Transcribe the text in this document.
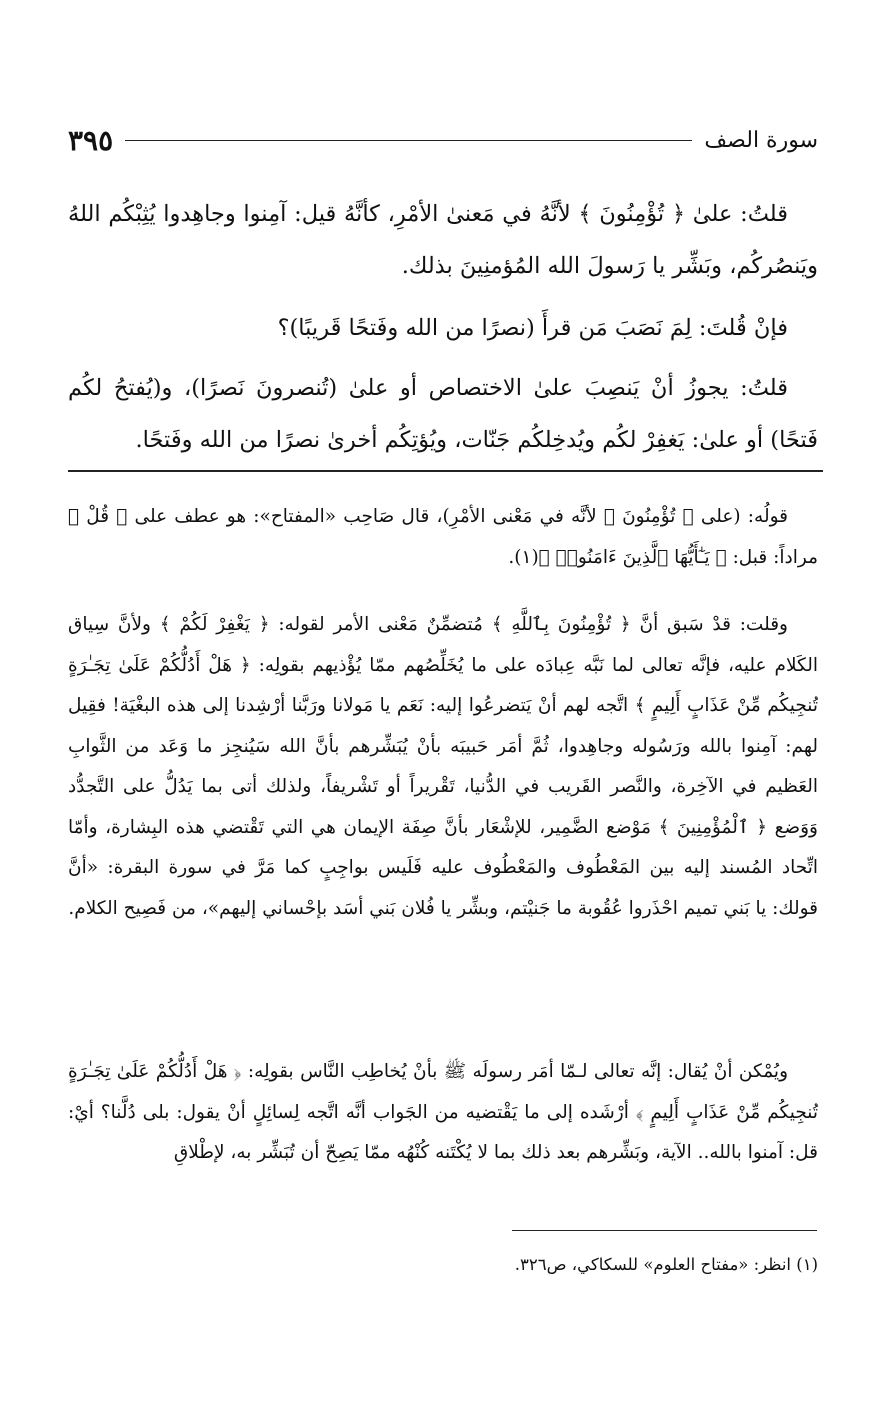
سورة الصف
٣٩٥

قلتُ: علىٰ ﴿ تُؤْمِنُونَ ﴾ لأنَّهُ في مَعنىٰ الأمْرِ، كأنَّهُ قيل: آمِنوا وجاهِدوا يُثِبْكُم اللهُ ويَنصُركُم، وبَشِّر يا رَسولَ الله المُؤمنِينَ بذلك.

فإنْ قُلتَ: لِمَ نَصَبَ مَن قرأَ (نصرًا من الله وفَتحًا قَريبًا)؟

قلتُ: يجوزُ أنْ يَنصِبَ علىٰ الاختصاص أو علىٰ (تُنصرونَ نَصرًا)، و(يُفتحُ لكُم فَتحًا) أو علىٰ: يَغفِرْ لكُم ويُدخِلكُم جَنّات، ويُؤتِكُم أخرىٰ نصرًا من الله وفَتحًا.

قولُه: (على ﴿ تُؤْمِنُونَ ﴾ لأنَّه في مَعْنى الأمْرِ)، قال صَاحِب «المفتاح»: هو عطف على ﴿ قُلْ ﴾ مراداً: قبل: ﴿ يَـٰٓأَيُّهَا ٱلَّذِينَ ءَامَنُوا۟ ﴾(١).

وقلت: قدْ سَبق أنَّ ﴿ تُؤْمِنُونَ بِٱللَّهِ ﴾ مُتضمِّنٌ مَعْنى الأمر لقوله: ﴿ يَغْفِرْ لَكُمْ ﴾ ولأنَّ سِياق الكَلام عليه، فإنَّه تعالى لما نَبَّه عِبادَه على ما يُخَلِّصُهم ممّا يُؤْذيهم بقولِه: ﴿ هَلْ أَدُلُّكُمْ عَلَىٰ تِجَـٰرَةٍ تُنجِيكُم مِّنْ عَذَابٍ أَلِيمٍ ﴾ اتَّجه لهم أنْ يَتضرعُوا إليه: نَعَم يا مَولانا ورَبَّنا أرْشِدنا إلى هذه البغْيَة! فقِيل لهم: آمِنوا بالله ورَسُوله وجاهِدوا، ثُمَّ أمَر حَبيبَه بأنْ يُبَشِّرهم بأنَّ الله سَيُنجِز ما وَعَد من الثَّوابِ العَظيم في الآخِرة، والنَّصر القَريب في الدُّنيا، تَقْريراً أو تَشْريفاً، ولذلك أتى بما يَدُلُّ على التَّجدُّد وَوَضع ﴿ ٱلْمُؤْمِنِينَ ﴾ مَوْضع الضَّمِير، للإشْعَار بأنَّ صِفَة الإيمان هي التي تَقْتضي هذه البِشارة، وأمّا اتِّحاد المُسند إليه بين المَعْطُوف والمَعْطُوف عليه فَلَيس بواجِبٍ كما مَرَّ في سورة البقرة: «أنَّ قولك: يا بَني تميم احْذَروا عُقُوبة ما جَنيْتم، وبشِّر يا فُلان بَني أسَد بإحْساني إليهم»، من فَصِيح الكلام.

ويُمْكن أنْ يُقال: إنَّه تعالى لـمّا أمَر رسولَه ﷺ بأنْ يُخاطِب النَّاس بقولِه: ﴿ هَلْ أَدُلُّكُمْ عَلَىٰ تِجَـٰرَةٍ تُنجِيكُم مِّنْ عَذَابٍ أَلِيمٍ ﴾ أرْشَده إلى ما يَقْتضيه من الجَواب أنَّه اتَّجه لِسائِلٍ أنْ يقول: بلى دُلَّنا؟ أيْ: قل: آمنوا بالله.. الآية، وبَشِّرهم بعد ذلك بما لا يُكْتَنه كُنْهُه ممّا يَصِحّ أن تُبَشِّر به، لإطْلاقِ

(١) انظر: «مفتاح العلوم» للسكاكي، ص٣٢٦.
